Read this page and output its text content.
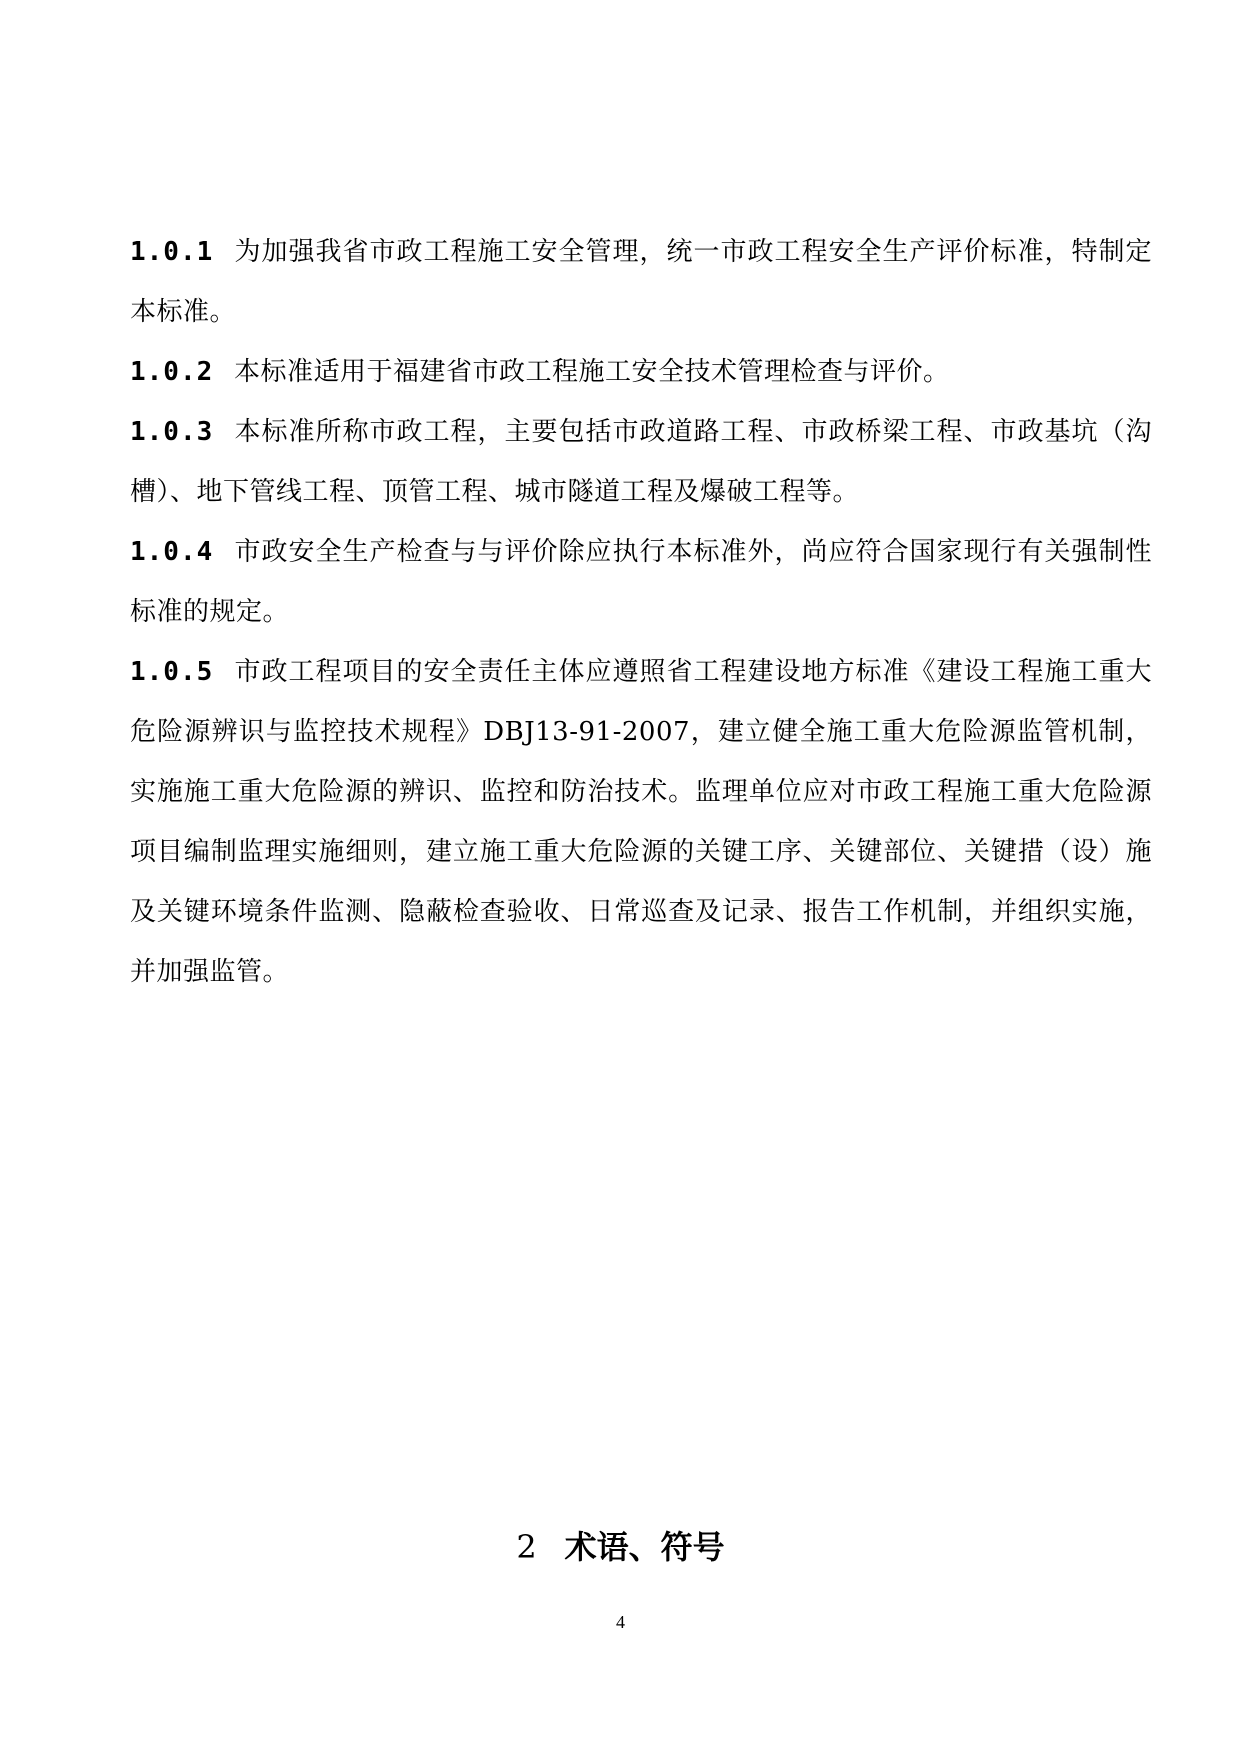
1.0.1 为加强我省市政工程施工安全管理，统一市政工程安全生产评价标准，特制定本标准。
1.0.2 本标准适用于福建省市政工程施工安全技术管理检查与评价。
1.0.3 本标准所称市政工程，主要包括市政道路工程、市政桥梁工程、市政基坑（沟槽）、地下管线工程、顶管工程、城市隧道工程及爆破工程等。
1.0.4 市政安全生产检查与与评价除应执行本标准外，尚应符合国家现行有关强制性标准的规定。
1.0.5 市政工程项目的安全责任主体应遵照省工程建设地方标准《建设工程施工重大危险源辨识与监控技术规程》DBJ13-91-2007，建立健全施工重大危险源监管机制，实施施工重大危险源的辨识、监控和防治技术。监理单位应对市政工程施工重大危险源项目编制监理实施细则，建立施工重大危险源的关键工序、关键部位、关键措（设）施及关键环境条件监测、隐蔽检查验收、日常巡查及记录、报告工作机制，并组织实施，并加强监管。
2 术语、符号
4
